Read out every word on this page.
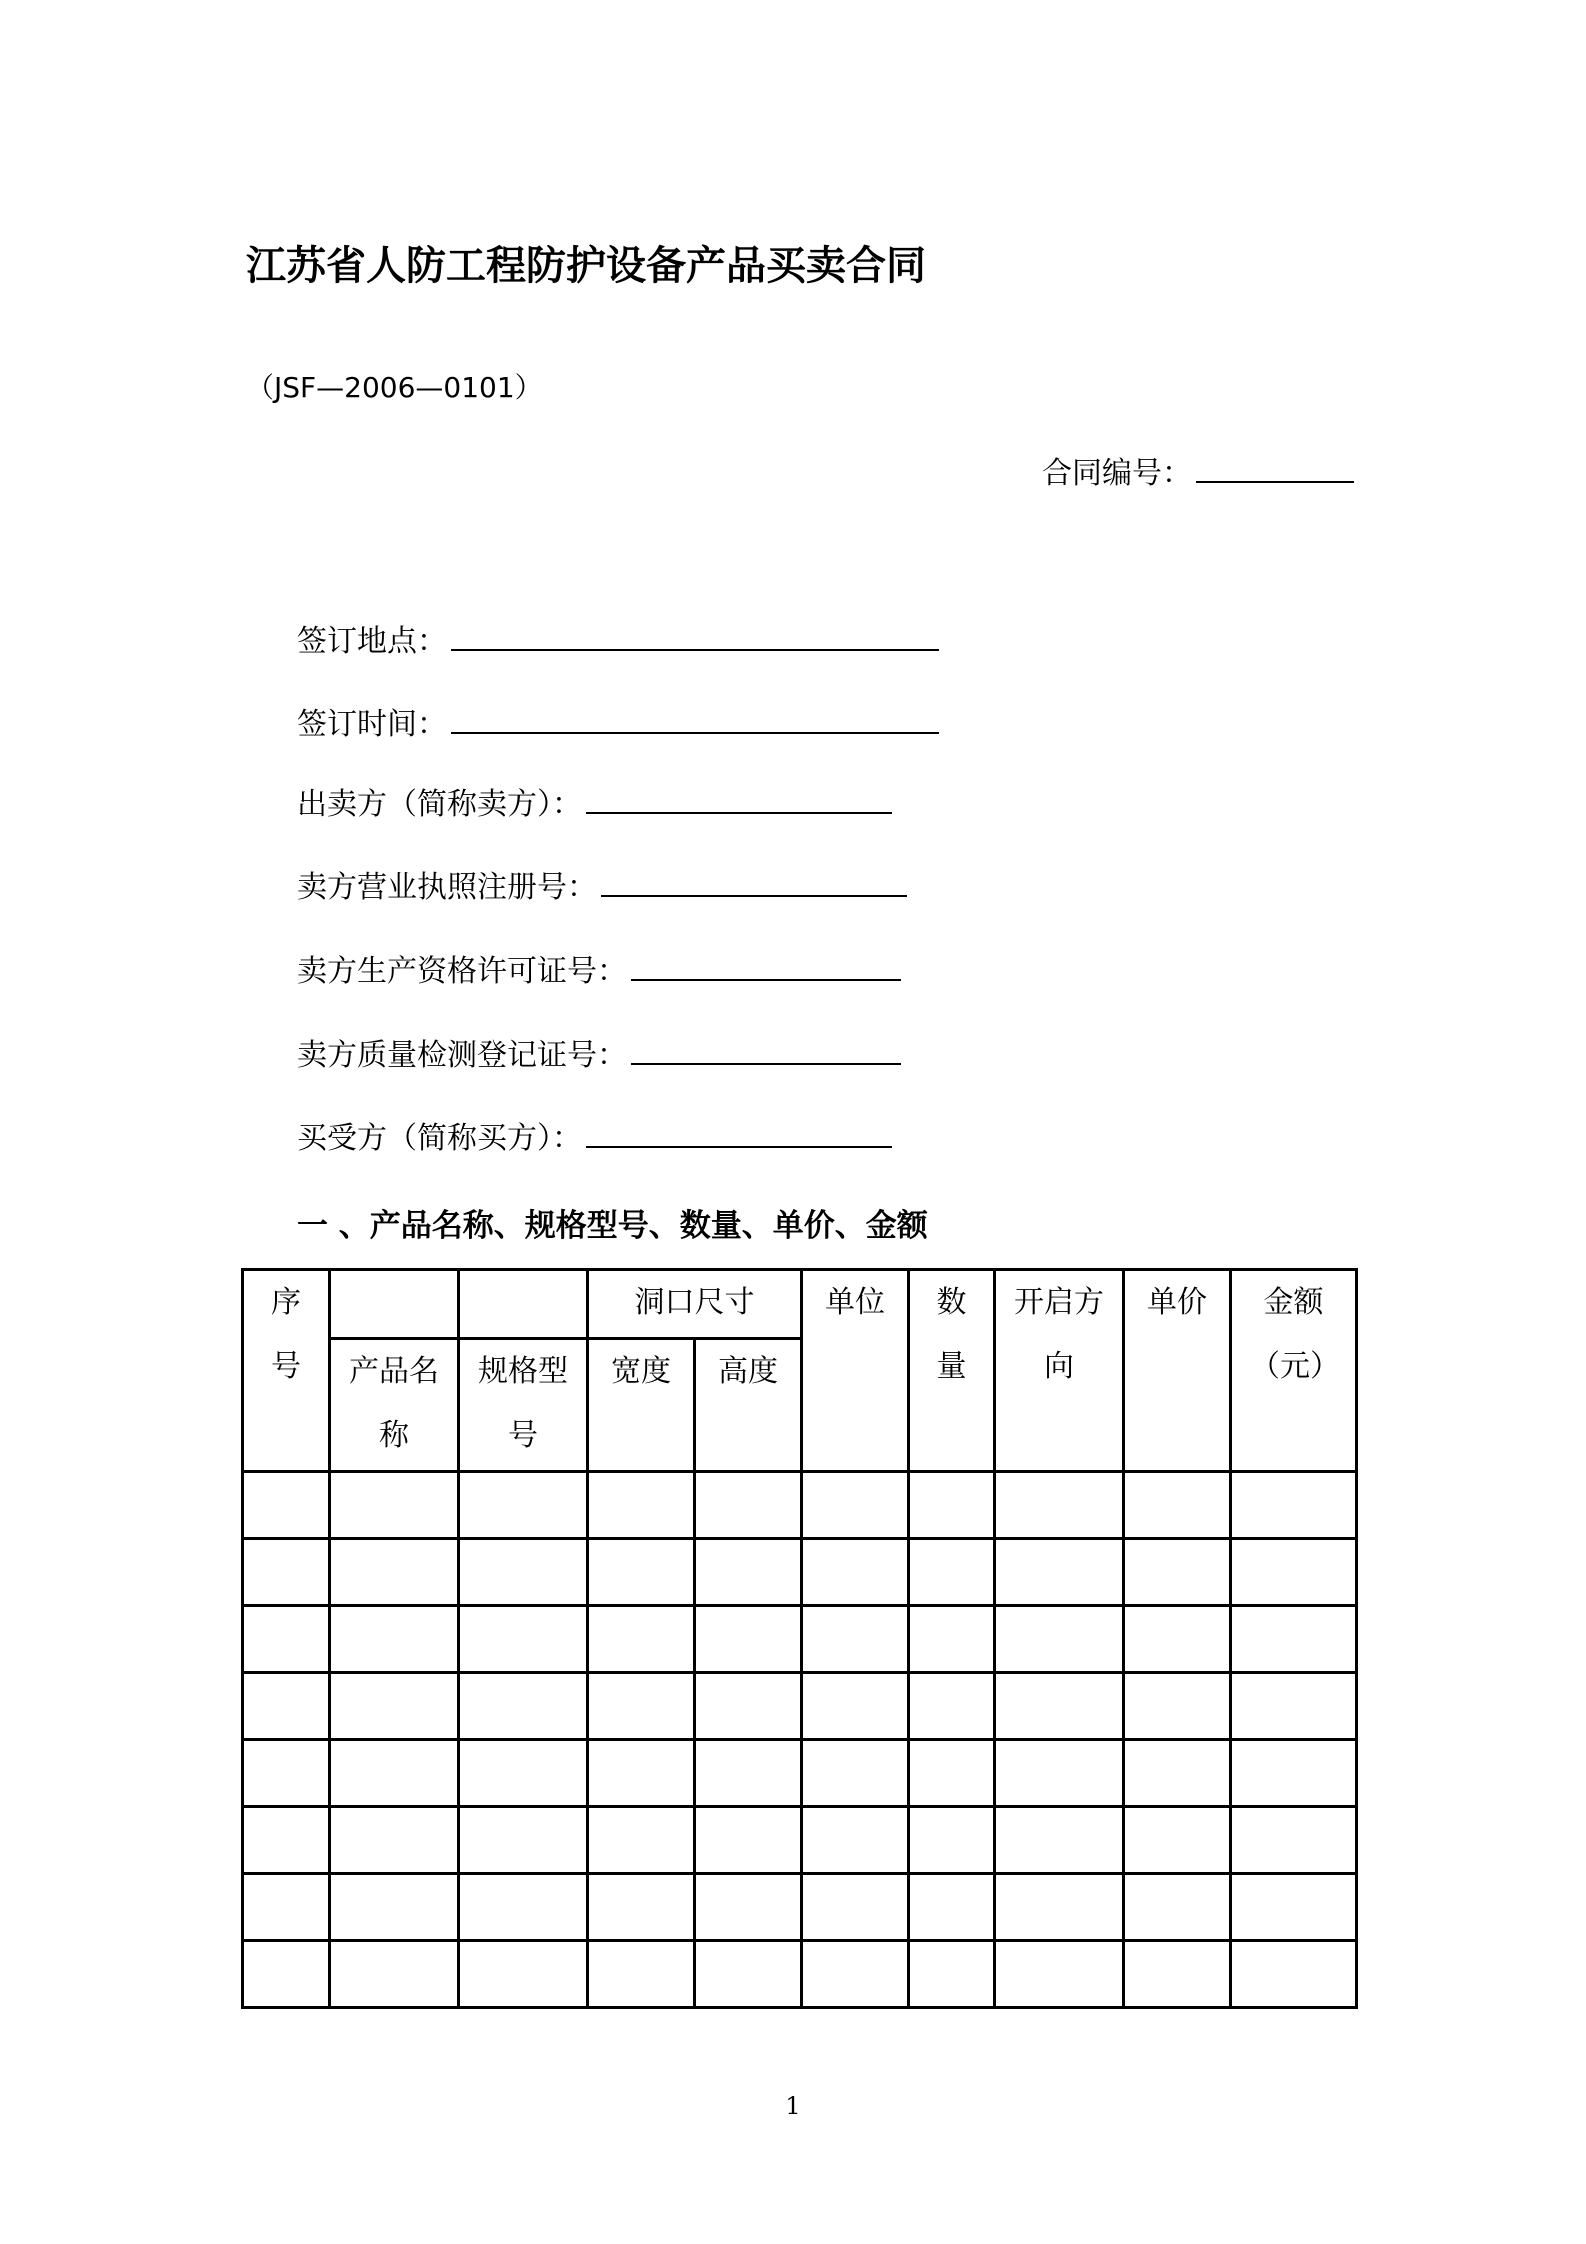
江苏省人防工程防护设备产品买卖合同
（JSF—2006—0101）
合同编号：
签订地点：
签订时间：
出卖方（简称卖方）：
卖方营业执照注册号：
卖方生产资格许可证号：
卖方质量检测登记证号：
买受方（简称买方）：
一 、产品名称、规格型号、数量、单价、金额
序号			洞口尺寸		单位	数量	开启方向	单价	金额（元）

	产品名称	规格型号	宽度	高度					

1
